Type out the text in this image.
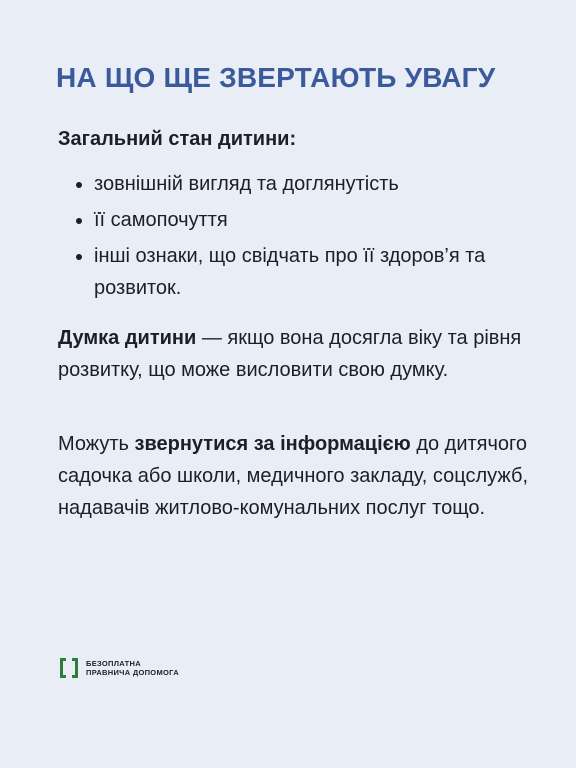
НА ЩО ЩЕ ЗВЕРТАЮТЬ УВАГУ
Загальний стан дитини:
зовнішній вигляд та доглянутість
її самопочуття
інші ознаки, що свідчать про її здоров’я та розвиток.

Думка дитини — якщо вона досягла віку та рівня розвитку, що може висловити свою думку.

Можуть звернутися за інформацією до дитячого садочка або школи, медичного закладу, соцслужб, надавачів житлово-комунальних послуг тощо.

БЕЗОПЛАТНА
ПРАВНИЧА ДОПОМОГА
